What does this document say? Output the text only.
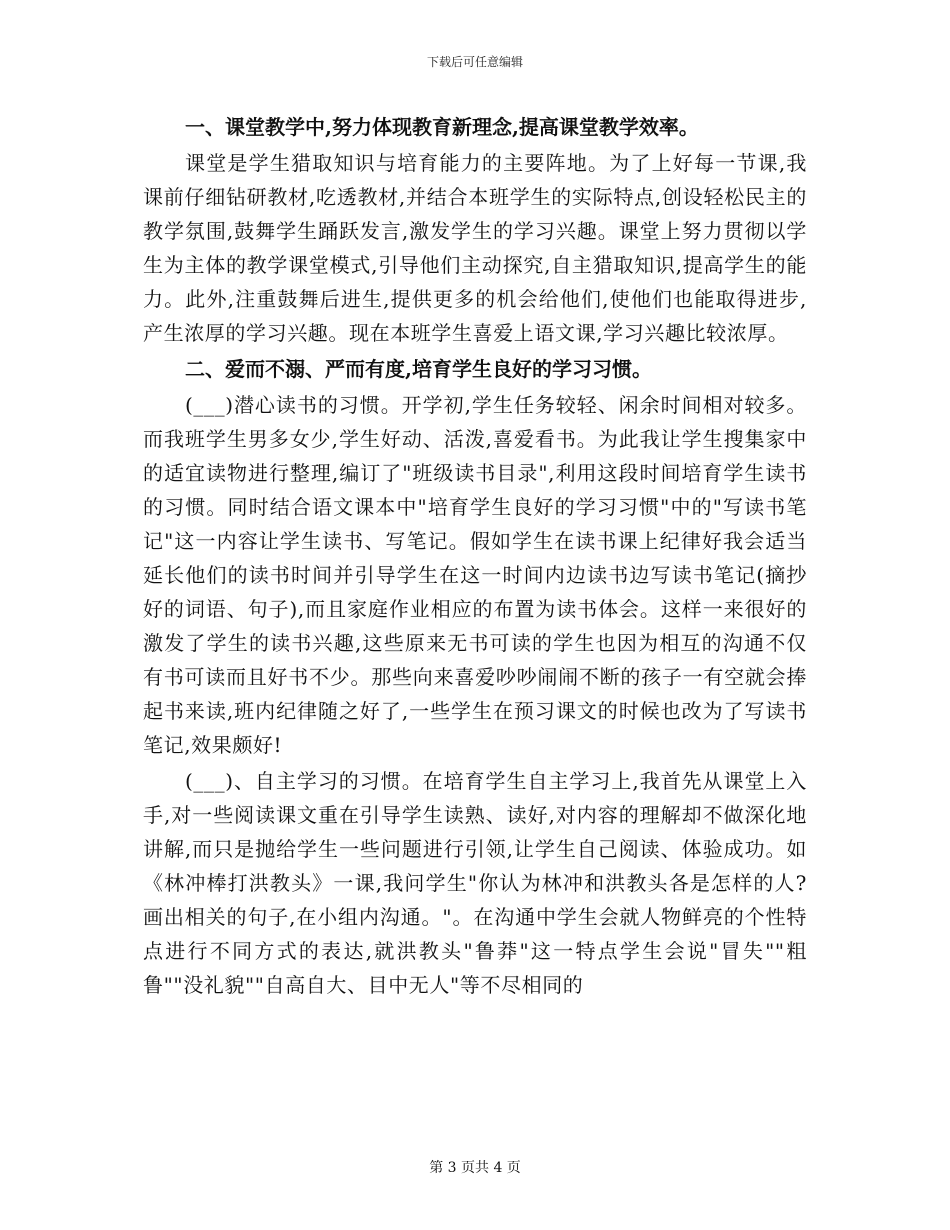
下载后可任意编辑

一、课堂教学中,努力体现教育新理念,提高课堂教学效率。

课堂是学生猎取知识与培育能力的主要阵地。为了上好每一节课,我课前仔细钻研教材,吃透教材,并结合本班学生的实际特点,创设轻松民主的教学氛围,鼓舞学生踊跃发言,激发学生的学习兴趣。课堂上努力贯彻以学生为主体的教学课堂模式,引导他们主动探究,自主猎取知识,提高学生的能力。此外,注重鼓舞后进生,提供更多的机会给他们,使他们也能取得进步,产生浓厚的学习兴趣。现在本班学生喜爱上语文课,学习兴趣比较浓厚。

二、爱而不溺、严而有度,培育学生良好的学习习惯。

(___)潜心读书的习惯。开学初,学生任务较轻、闲余时间相对较多。而我班学生男多女少,学生好动、活泼,喜爱看书。为此我让学生搜集家中的适宜读物进行整理,编订了"班级读书目录",利用这段时间培育学生读书的习惯。同时结合语文课本中"培育学生良好的学习习惯"中的"写读书笔记"这一内容让学生读书、写笔记。假如学生在读书课上纪律好我会适当延长他们的读书时间并引导学生在这一时间内边读书边写读书笔记(摘抄好的词语、句子),而且家庭作业相应的布置为读书体会。这样一来很好的激发了学生的读书兴趣,这些原来无书可读的学生也因为相互的沟通不仅有书可读而且好书不少。那些向来喜爱吵吵闹闹不断的孩子一有空就会捧起书来读,班内纪律随之好了,一些学生在预习课文的时候也改为了写读书笔记,效果颇好!

(___)、自主学习的习惯。在培育学生自主学习上,我首先从课堂上入手,对一些阅读课文重在引导学生读熟、读好,对内容的理解却不做深化地讲解,而只是抛给学生一些问题进行引领,让学生自己阅读、体验成功。如《林冲棒打洪教头》一课,我问学生"你认为林冲和洪教头各是怎样的人?画出相关的句子,在小组内沟通。"。在沟通中学生会就人物鲜亮的个性特点进行不同方式的表达,就洪教头"鲁莽"这一特点学生会说"冒失""粗鲁""没礼貌""自高自大、目中无人"等不尽相同的

第 3 页共 4 页
